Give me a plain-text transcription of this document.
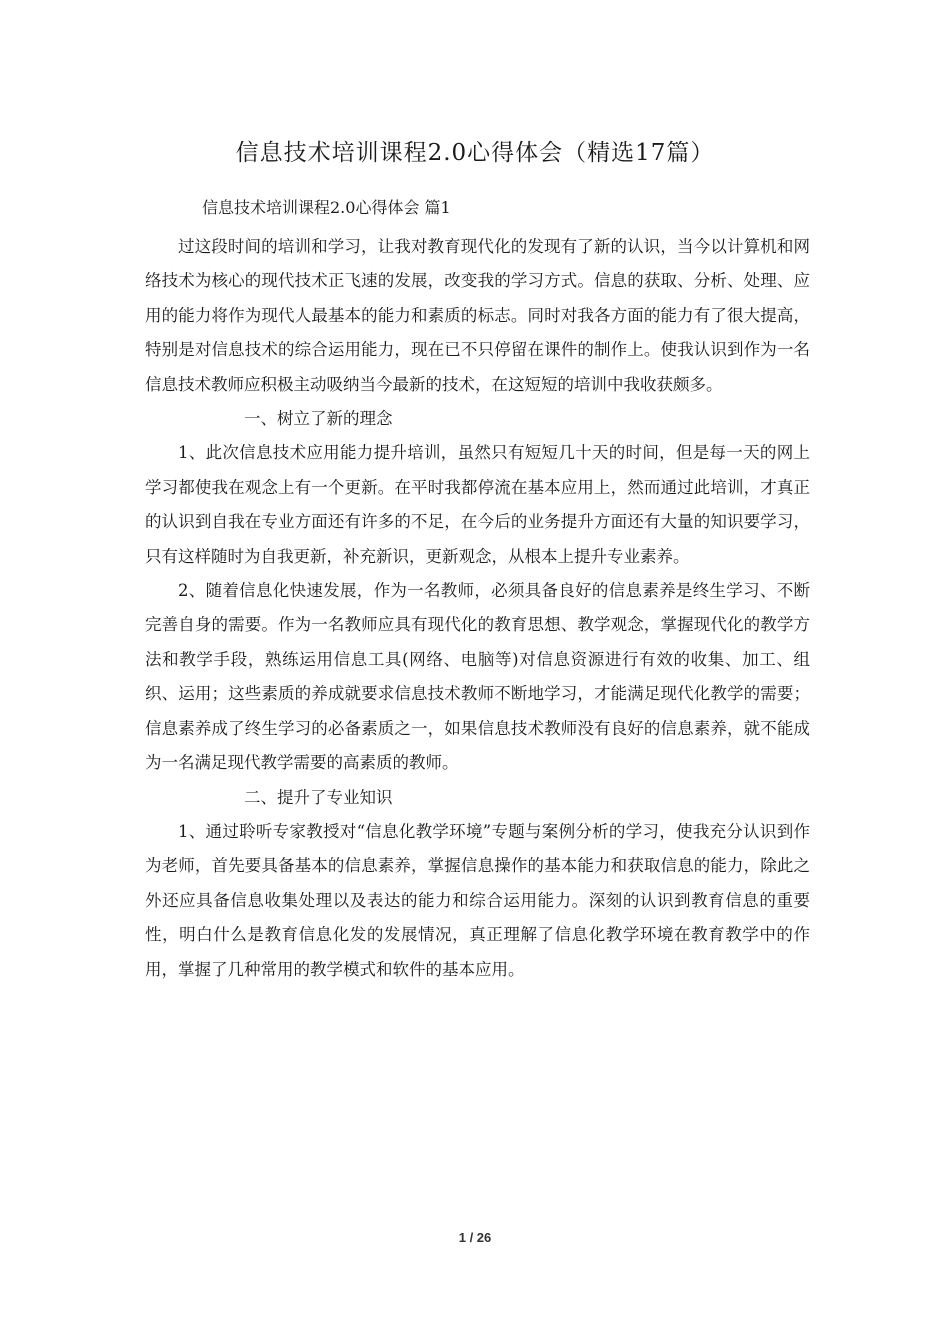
信息技术培训课程2.0心得体会（精选17篇）
信息技术培训课程2.0心得体会 篇1

过这段时间的培训和学习，让我对教育现代化的发现有了新的认识，当今以计算机和网络技术为核心的现代技术正飞速的发展，改变我的学习方式。信息的获取、分析、处理、应用的能力将作为现代人最基本的能力和素质的标志。同时对我各方面的能力有了很大提高，特别是对信息技术的综合运用能力，现在已不只停留在课件的制作上。使我认识到作为一名信息技术教师应积极主动吸纳当今最新的技术，在这短短的培训中我收获颇多。

一、树立了新的理念

1、此次信息技术应用能力提升培训，虽然只有短短几十天的时间，但是每一天的网上学习都使我在观念上有一个更新。在平时我都停流在基本应用上，然而通过此培训，才真正的认识到自我在专业方面还有许多的不足，在今后的业务提升方面还有大量的知识要学习，只有这样随时为自我更新，补充新识，更新观念，从根本上提升专业素养。

2、随着信息化快速发展，作为一名教师，必须具备良好的信息素养是终生学习、不断完善自身的需要。作为一名教师应具有现代化的教育思想、教学观念，掌握现代化的教学方法和教学手段，熟练运用信息工具(网络、电脑等)对信息资源进行有效的收集、加工、组织、运用；这些素质的养成就要求信息技术教师不断地学习，才能满足现代化教学的需要；信息素养成了终生学习的必备素质之一，如果信息技术教师没有良好的信息素养，就不能成为一名满足现代教学需要的高素质的教师。

二、提升了专业知识

1、通过聆听专家教授对“信息化教学环境”专题与案例分析的学习，使我充分认识到作为老师，首先要具备基本的信息素养，掌握信息操作的基本能力和获取信息的能力，除此之外还应具备信息收集处理以及表达的能力和综合运用能力。深刻的认识到教育信息的重要性，明白什么是教育信息化发的发展情况，真正理解了信息化教学环境在教育教学中的作用，掌握了几种常用的教学模式和软件的基本应用。

1 / 26
